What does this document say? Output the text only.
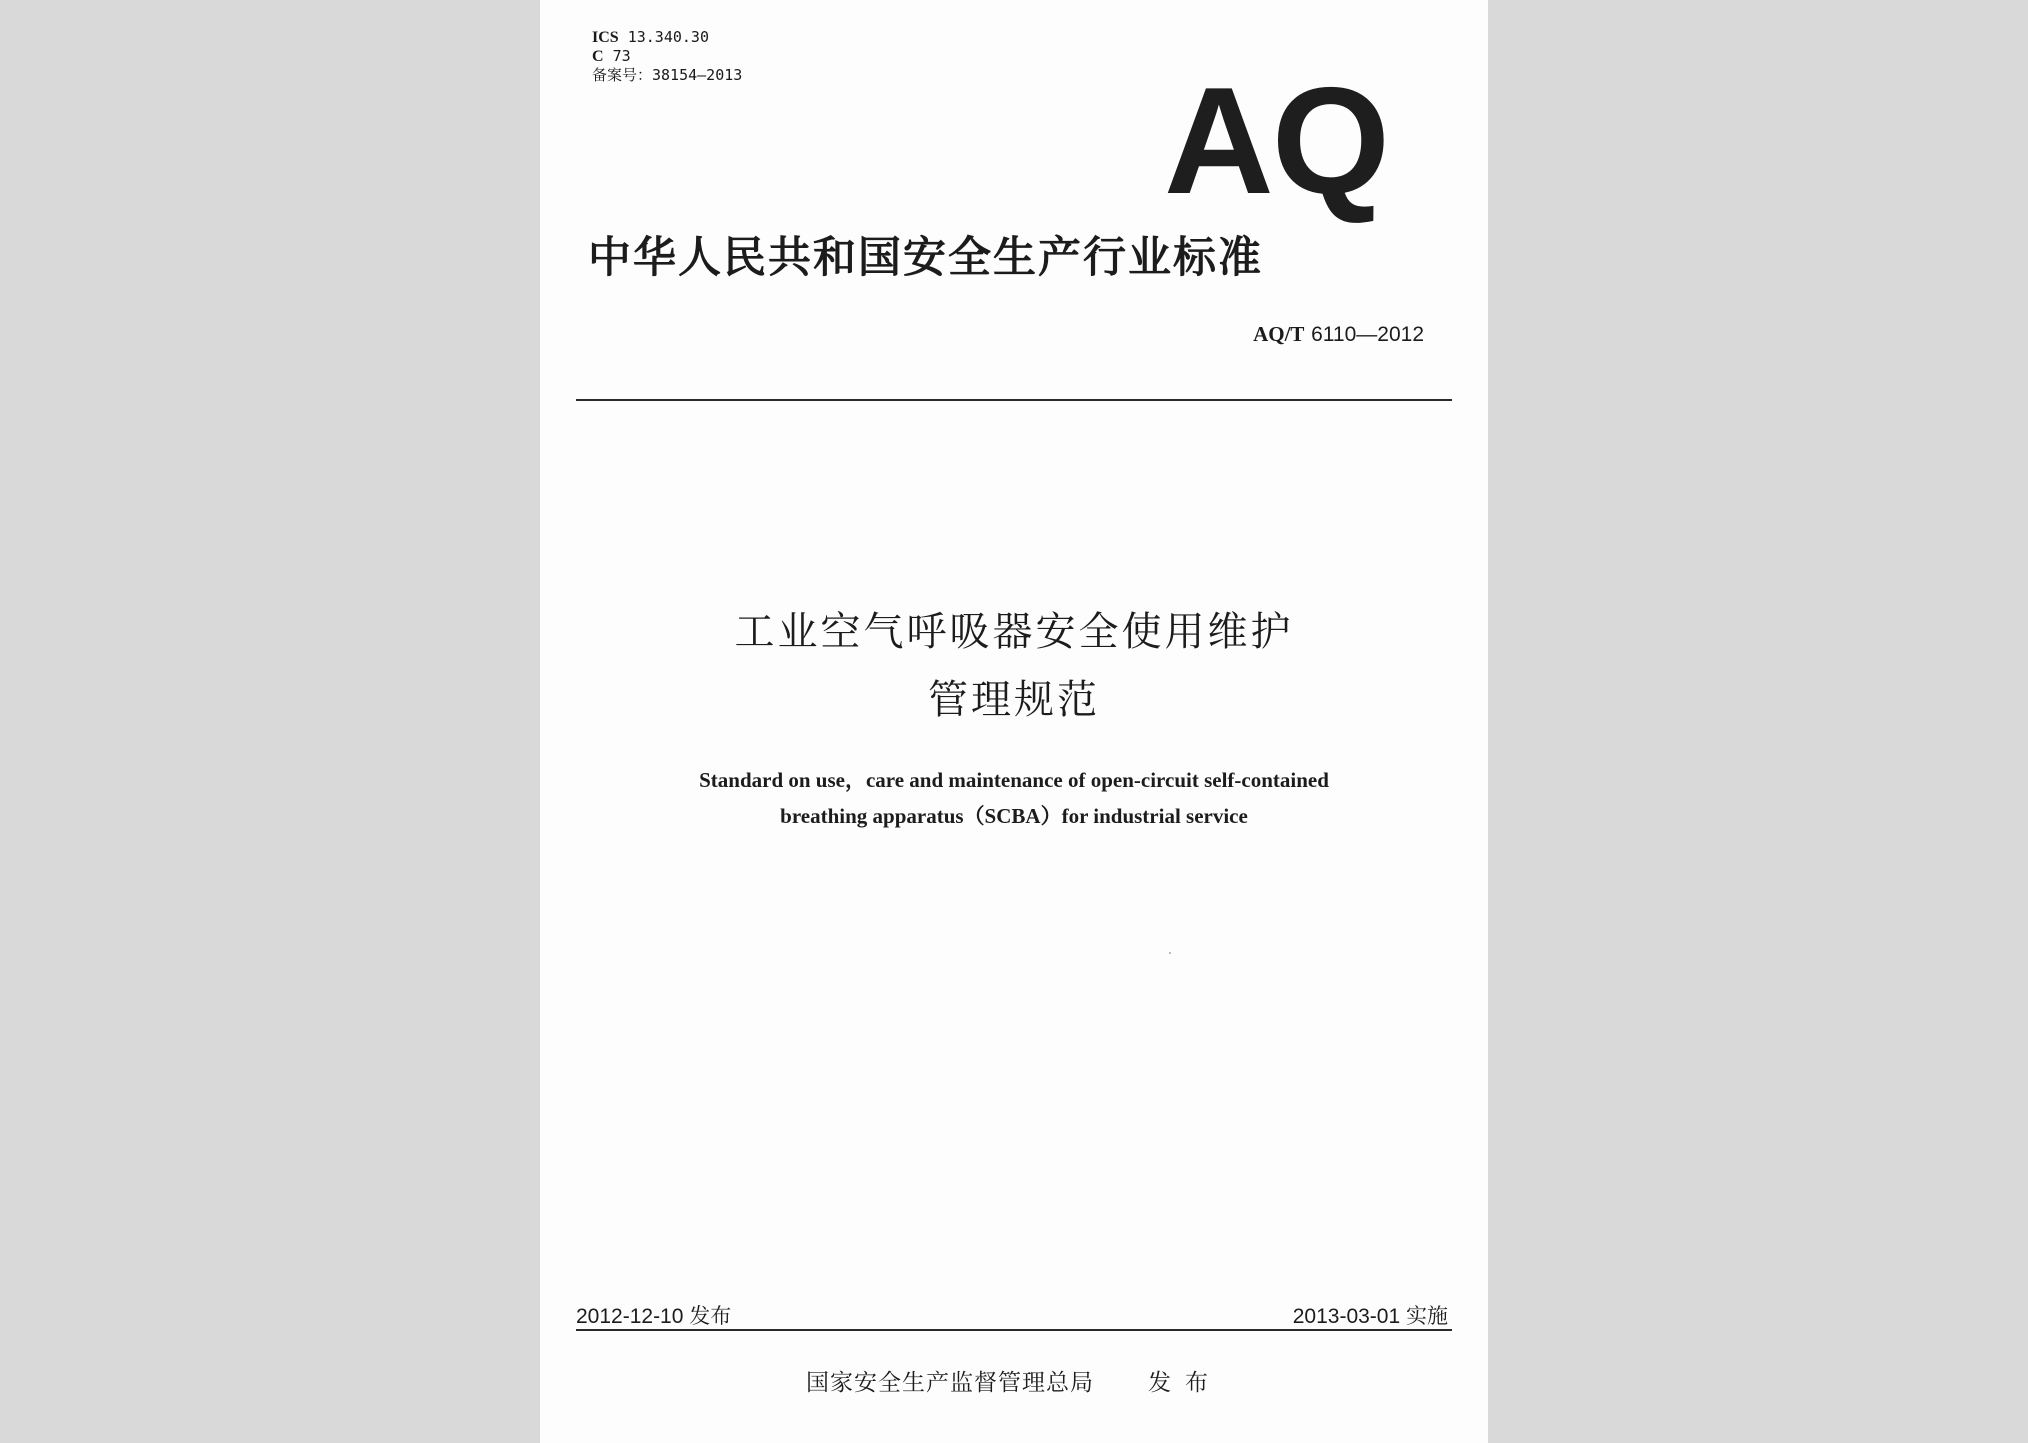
ICS 13.340.30
C 73
备案号：38154—2013	AQ
中华人民共和国安全生产行业标准
AQ/T 6110—2012
工业空气呼吸器安全使用维护
管理规范
Standard on use，care and maintenance of open-circuit self-contained
breathing apparatus（SCBA）for industrial service
2012-12-10 发布	2013-03-01 实施
国家安全生产监督管理总局 发布
